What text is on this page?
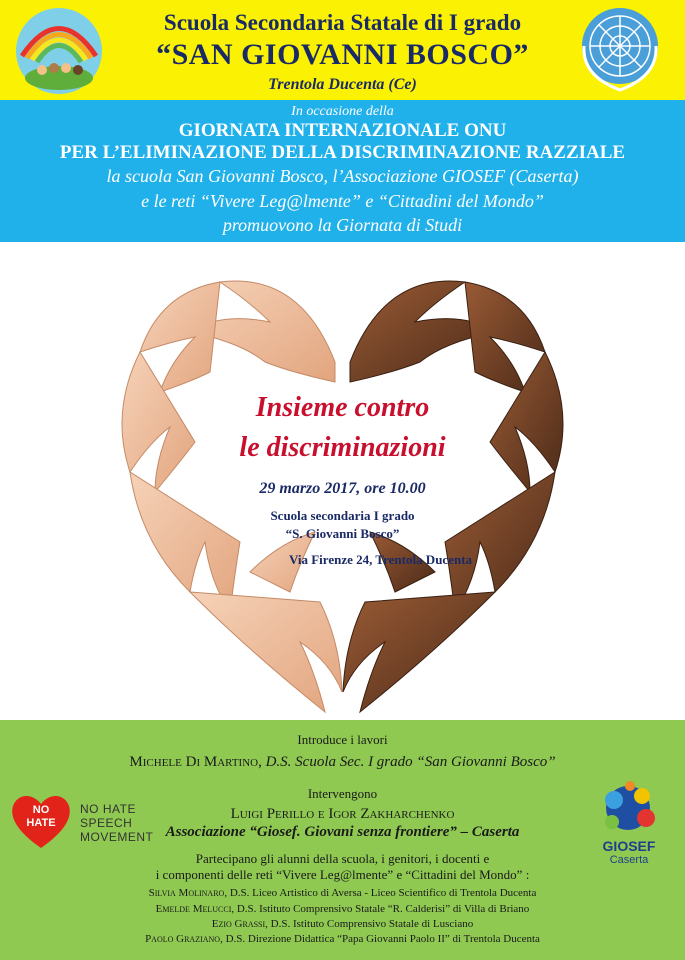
Scuola Secondaria Statale di I grado
“SAN GIOVANNI BOSCO”
Trentola Ducenta (Ce)
In occasione della
GIORNATA INTERNAZIONALE ONU
PER L’ELIMINAZIONE DELLA DISCRIMINAZIONE RAZZIALE
la scuola San Giovanni Bosco, l’Associazione GIOSEF (Caserta)
e le reti “Vivere Leg@lmente” e “Cittadini del Mondo”
promuovono la Giornata di Studi
Insieme contro
le discriminazioni
29 marzo 2017, ore 10.00
Scuola secondaria I grado
“S. Giovanni Bosco”
Via Firenze 24, Trentola Ducenta
Introduce i lavori
Michele Di Martino, D.S. Scuola Sec. I grado “San Giovanni Bosco”
NO
HATE
NO HATE
SPEECH
MOVEMENT
GIOSEF
Caserta
Intervengono
Luigi Perillo e Igor Zakharchenko
Associazione “Giosef. Giovani senza frontiere” – Caserta
Partecipano gli alunni della scuola, i genitori, i docenti e
i componenti delle reti “Vivere Leg@lmente” e “Cittadini del Mondo” :
Silvia Molinaro, D.S. Liceo Artistico di Aversa - Liceo Scientifico di Trentola Ducenta
Emelde Melucci, D.S. Istituto Comprensivo Statale “R. Calderisi” di Villa di Briano
Ezio Grassi, D.S. Istituto Comprensivo Statale di Lusciano
Paolo Graziano, D.S. Direzione Didattica “Papa Giovanni Paolo II” di Trentola Ducenta
